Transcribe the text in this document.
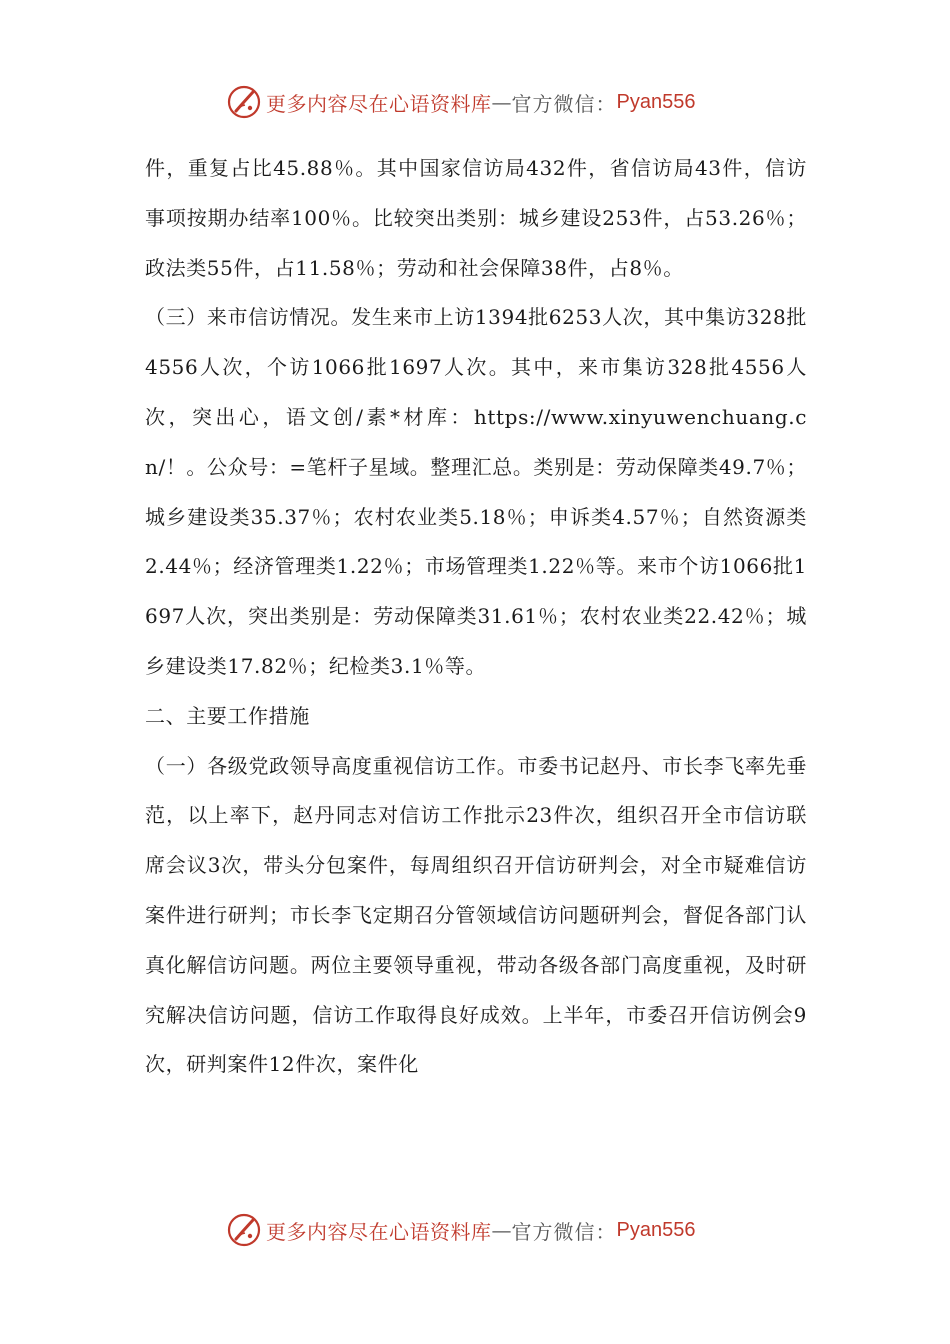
更多内容尽在心语资料库 — 官方微信： Pyan556

件，重复占比45.88％。其中国家信访局432件，省信访局43件，信访事项按期办结率100％。比较突出类别：城乡建设253件，占53.26％；政法类55件，占11.58％；劳动和社会保障38件，占8％。

（三）来市信访情况。发生来市上访1394批6253人次，其中集访328批4556人次，个访1066批1697人次。其中，来市集访328批4556人次，突出心，语文创/素*材库：https://www.xinyuwenchuang.cn/！。公众号：=笔杆子星域。整理汇总。类别是：劳动保障类49.7％；城乡建设类35.37％；农村农业类5.18％；申诉类4.57％；自然资源类2.44％；经济管理类1.22％；市场管理类1.22％等。来市个访1066批1697人次，突出类别是：劳动保障类31.61％；农村农业类22.42％；城乡建设类17.82％；纪检类3.1％等。

二、主要工作措施

（一）各级党政领导高度重视信访工作。市委书记赵丹、市长李飞率先垂范，以上率下，赵丹同志对信访工作批示23件次，组织召开全市信访联席会议3次，带头分包案件，每周组织召开信访研判会，对全市疑难信访案件进行研判；市长李飞定期召分管领域信访问题研判会，督促各部门认真化解信访问题。两位主要领导重视，带动各级各部门高度重视，及时研究解决信访问题，信访工作取得良好成效。上半年，市委召开信访例会9次，研判案件12件次，案件化

更多内容尽在心语资料库 — 官方微信： Pyan556
